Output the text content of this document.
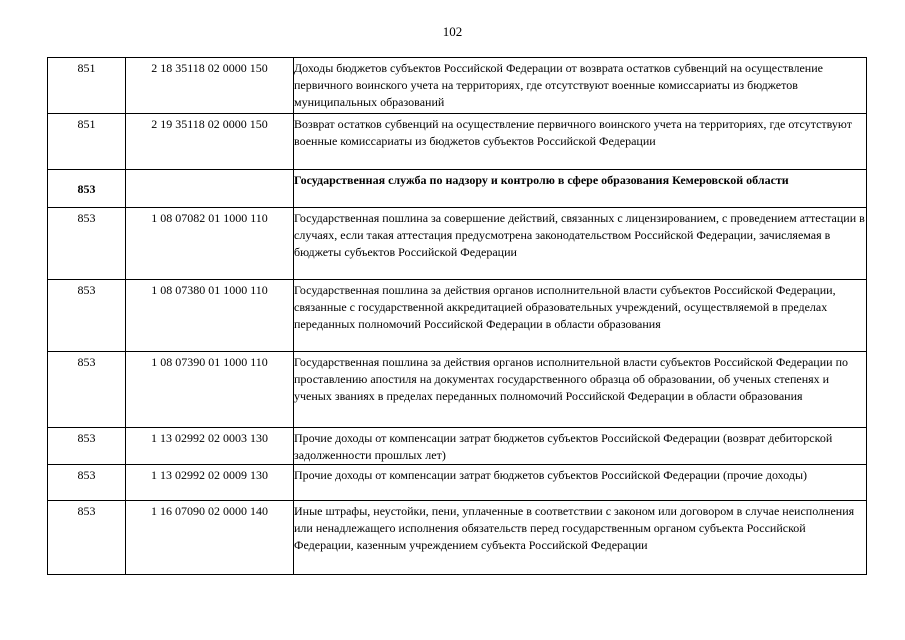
102
851	2 18 35118 02 0000 150	Доходы бюджетов субъектов Российской Федерации от возврата остатков субвенций на осуществление первичного воинского учета на территориях, где отсутствуют военные комиссариаты из бюджетов муниципальных образований
851	2 19 35118 02 0000 150	Возврат остатков субвенций на осуществление первичного воинского учета на территориях, где отсутствуют военные комиссариаты из бюджетов субъектов Российской Федерации
853		Государственная служба по надзору и контролю в сфере образования Кемеровской области
853	1 08 07082 01 1000 110	Государственная пошлина за совершение действий, связанных с лицензированием, с проведением аттестации в случаях, если такая аттестация предусмотрена законодательством Российской Федерации, зачисляемая в бюджеты субъектов Российской Федерации
853	1 08 07380 01 1000 110	Государственная пошлина за действия органов исполнительной власти субъектов Российской Федерации, связанные с государственной аккредитацией образовательных учреждений, осуществляемой в пределах переданных полномочий Российской Федерации в области образования
853	1 08 07390 01 1000 110	Государственная пошлина за действия органов исполнительной власти субъектов Российской Федерации по проставлению апостиля на документах государственного образца об образовании, об ученых степенях и ученых званиях в пределах переданных полномочий Российской Федерации в области образования
853	1 13 02992 02 0003 130	Прочие доходы от компенсации затрат бюджетов субъектов Российской Федерации (возврат дебиторской задолженности прошлых лет)
853	1 13 02992 02 0009 130	Прочие доходы от компенсации затрат бюджетов субъектов Российской Федерации (прочие доходы)
853	1 16 07090 02 0000 140	Иные штрафы, неустойки, пени, уплаченные в соответствии с законом или договором в случае неисполнения или ненадлежащего исполнения обязательств перед государственным органом субъекта Российской Федерации, казенным учреждением субъекта Российской Федерации
